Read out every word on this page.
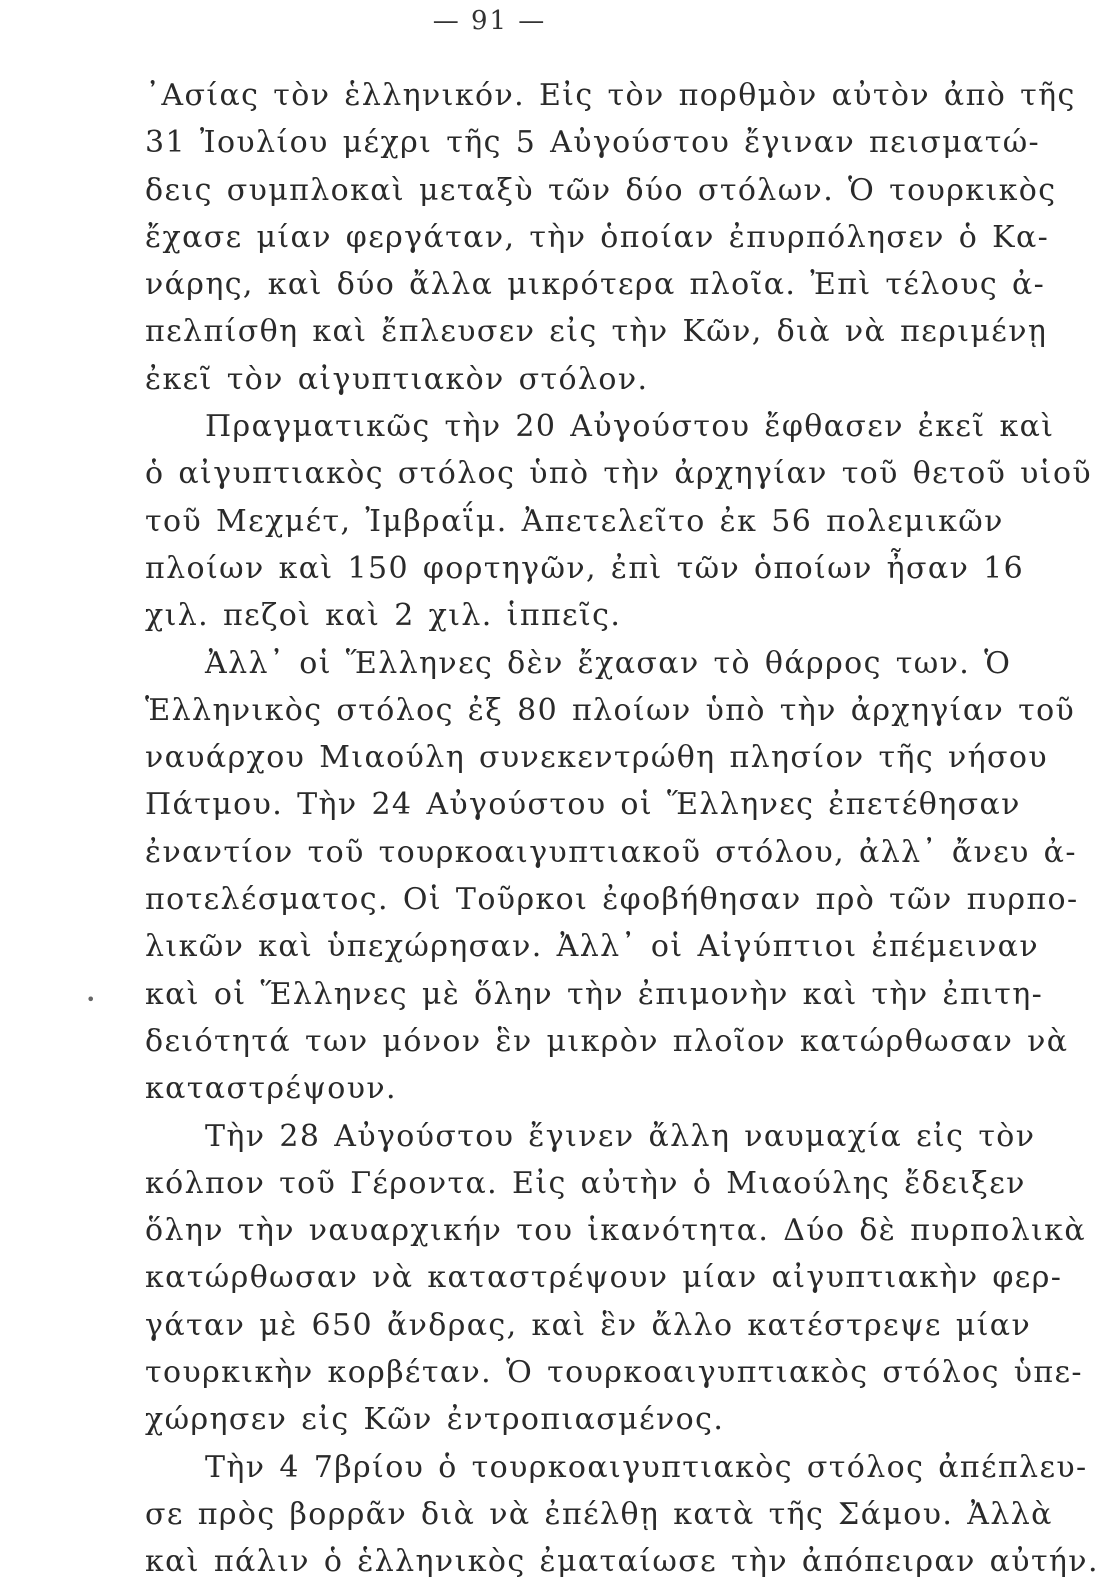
— 91 —
᾿Ασίας τὸν ἑλληνικόν. Εἰς τὸν πορθμὸν αὐτὸν ἀπὸ τῆς
31 Ἰουλίου μέχρι τῆς 5 Αὐγούστου ἔγιναν πεισματώ-
δεις συμπλοκαὶ μεταξὺ τῶν δύο στόλων. Ὁ τουρκικὸς
ἔχασε μίαν φεργάταν, τὴν ὁποίαν ἐπυρπόλησεν ὁ Κα-
νάρης, καὶ δύο ἄλλα μικρότερα πλοῖα. Ἐπὶ τέλους ἀ-
πελπίσθη καὶ ἔπλευσεν εἰς τὴν Κῶν, διὰ νὰ περιμένῃ
ἐκεῖ τὸν αἰγυπτιακὸν στόλον.
Πραγματικῶς τὴν 20 Αὐγούστου ἔφθασεν ἐκεῖ καὶ
ὁ αἰγυπτιακὸς στόλος ὑπὸ τὴν ἀρχηγίαν τοῦ θετοῦ υἱοῦ
τοῦ Μεχμέτ, Ἰμβραΐμ. Ἀπετελεῖτο ἐκ 56 πολεμικῶν
πλοίων καὶ 150 φορτηγῶν, ἐπὶ τῶν ὁποίων ἦσαν 16
χιλ. πεζοὶ καὶ 2 χιλ. ἱππεῖς.
Ἀλλ᾿ οἱ Ἕλληνες δὲν ἔχασαν τὸ θάρρος των. Ὁ
Ἑλληνικὸς στόλος ἐξ 80 πλοίων ὑπὸ τὴν ἀρχηγίαν τοῦ
ναυάρχου Μιαούλη συνεκεντρώθη πλησίον τῆς νήσου
Πάτμου. Τὴν 24 Αὐγούστου οἱ Ἕλληνες ἐπετέθησαν
ἐναντίον τοῦ τουρκοαιγυπτιακοῦ στόλου, ἀλλ᾿ ἄνευ ἀ-
ποτελέσματος. Οἱ Τοῦρκοι ἐφοβήθησαν πρὸ τῶν πυρπο-
λικῶν καὶ ὑπεχώρησαν. Ἀλλ᾿ οἱ Αἰγύπτιοι ἐπέμειναν
καὶ οἱ Ἕλληνες μὲ ὅλην τὴν ἐπιμονὴν καὶ τὴν ἐπιτη-
δειότητά των μόνον ἓν μικρὸν πλοῖον κατώρθωσαν νὰ
καταστρέψουν.
Τὴν 28 Αὐγούστου ἔγινεν ἄλλη ναυμαχία εἰς τὸν
κόλπον τοῦ Γέροντα. Εἰς αὐτὴν ὁ Μιαούλης ἔδειξεν
ὅλην τὴν ναυαρχικήν του ἱκανότητα. Δύο δὲ πυρπολικὰ
κατώρθωσαν νὰ καταστρέψουν μίαν αἰγυπτιακὴν φερ-
γάταν μὲ 650 ἄνδρας, καὶ ἓν ἄλλο κατέστρεψε μίαν
τουρκικὴν κορβέταν. Ὁ τουρκοαιγυπτιακὸς στόλος ὑπε-
χώρησεν εἰς Κῶν ἐντροπιασμένος.
Τὴν 4 7βρίου ὁ τουρκοαιγυπτιακὸς στόλος ἀπέπλευ-
σε πρὸς βορρᾶν διὰ νὰ ἐπέλθῃ κατὰ τῆς Σάμου. Ἀλλὰ
καὶ πάλιν ὁ ἑλληνικὸς ἐματαίωσε τὴν ἀπόπειραν αὐτήν.
•
